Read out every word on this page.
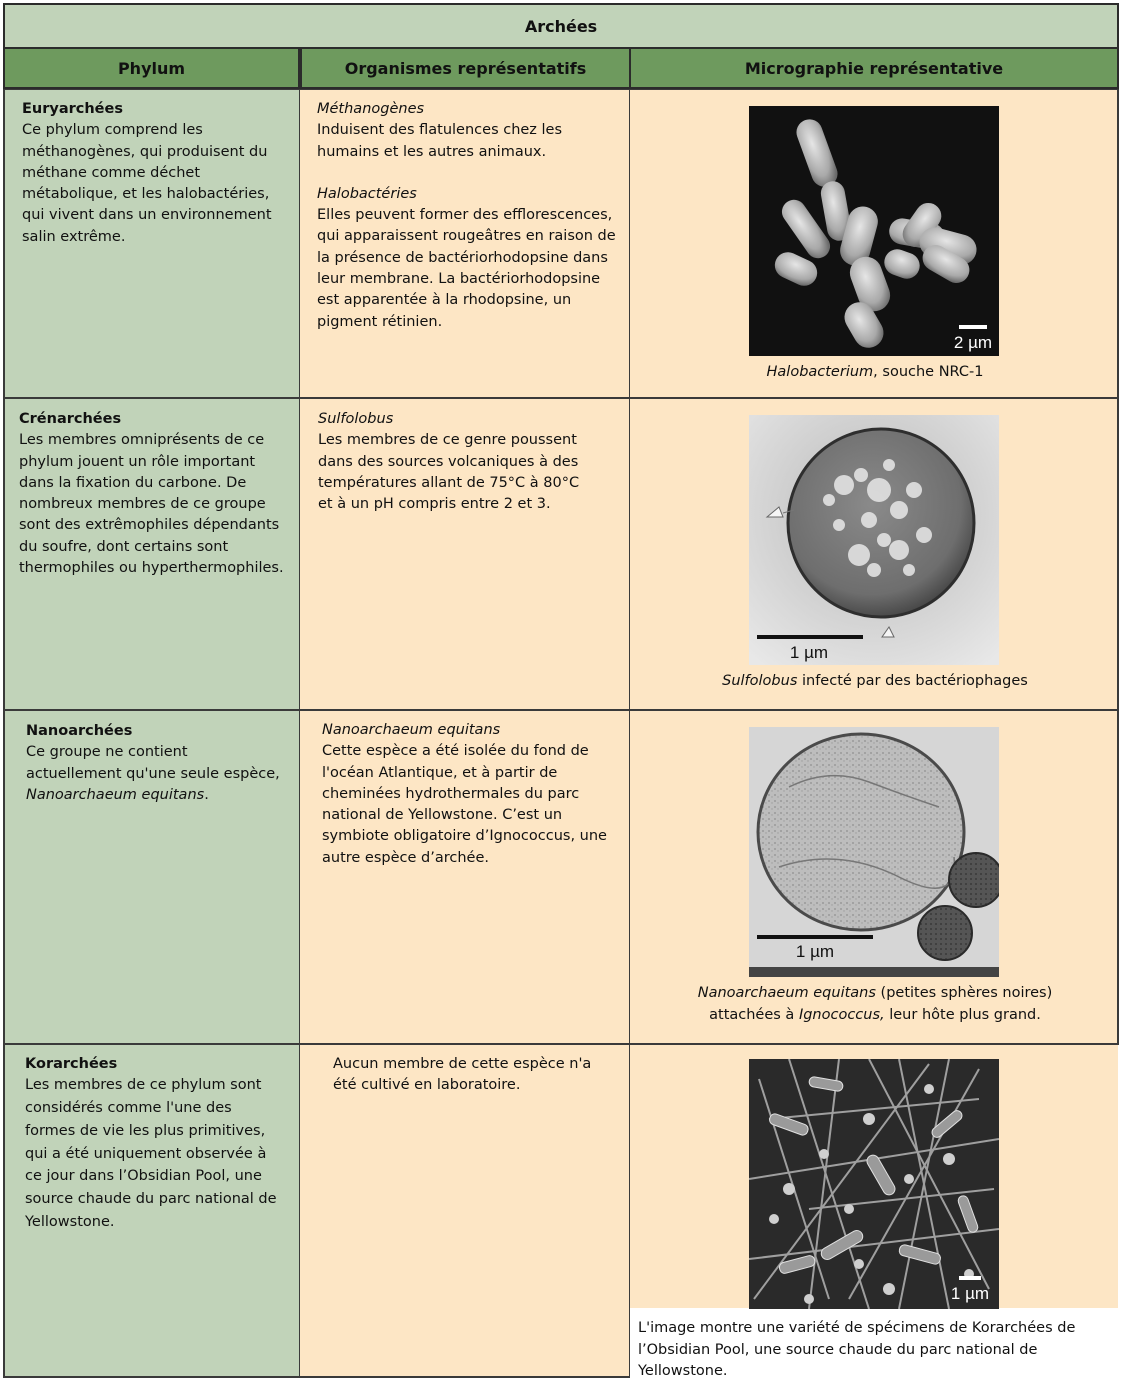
Archées
Phylum	Organismes représentatifs	Micrographie représentative
Euryarchées
Ce phylum comprend les
méthanogènes, qui produisent du
méthane comme déchet
métabolique, et les halobactéries,
qui vivent dans un environnement
salin extrême.
Méthanogènes
Induisent des flatulences chez les
humains et les autres animaux.
Halobactéries
Elles peuvent former des efflorescences,
qui apparaissent rougeâtres en raison de
la présence de bactériorhodopsine dans
leur membrane. La bactériorhodopsine
est apparentée à la rhodopsine, un
pigment rétinien.
2 µm
Halobacterium, souche NRC-1
Crénarchées
Les membres omniprésents de ce
phylum jouent un rôle important
dans la fixation du carbone. De
nombreux membres de ce groupe
sont des extrêmophiles dépendants
du soufre, dont certains sont
thermophiles ou hyperthermophiles.
Sulfolobus
Les membres de ce genre poussent
dans des sources volcaniques à des
températures allant de 75°C à 80°C
et à un pH compris entre 2 et 3.
1 µm
Sulfolobus infecté par des bactériophages
Nanoarchées
Ce groupe ne contient
actuellement qu'une seule espèce,
Nanoarchaeum equitans.
Nanoarchaeum equitans
Cette espèce a été isolée du fond de
l'océan Atlantique, et à partir de
cheminées hydrothermales du parc
national de Yellowstone. C’est un
symbiote obligatoire d’Ignococcus, une
autre espèce d’archée.
1 µm
Nanoarchaeum equitans (petites sphères noires)
attachées à Ignococcus, leur hôte plus grand.
Korarchées
Les membres de ce phylum sont
considérés comme l'une des
formes de vie les plus primitives,
qui a été uniquement observée à
ce jour dans l’Obsidian Pool, une
source chaude du parc national de
Yellowstone.
Aucun membre de cette espèce n'a
été cultivé en laboratoire.
1 µm
L'image montre une variété de spécimens de Korarchées de
l’Obsidian Pool, une source chaude du parc national de Yellowstone.
